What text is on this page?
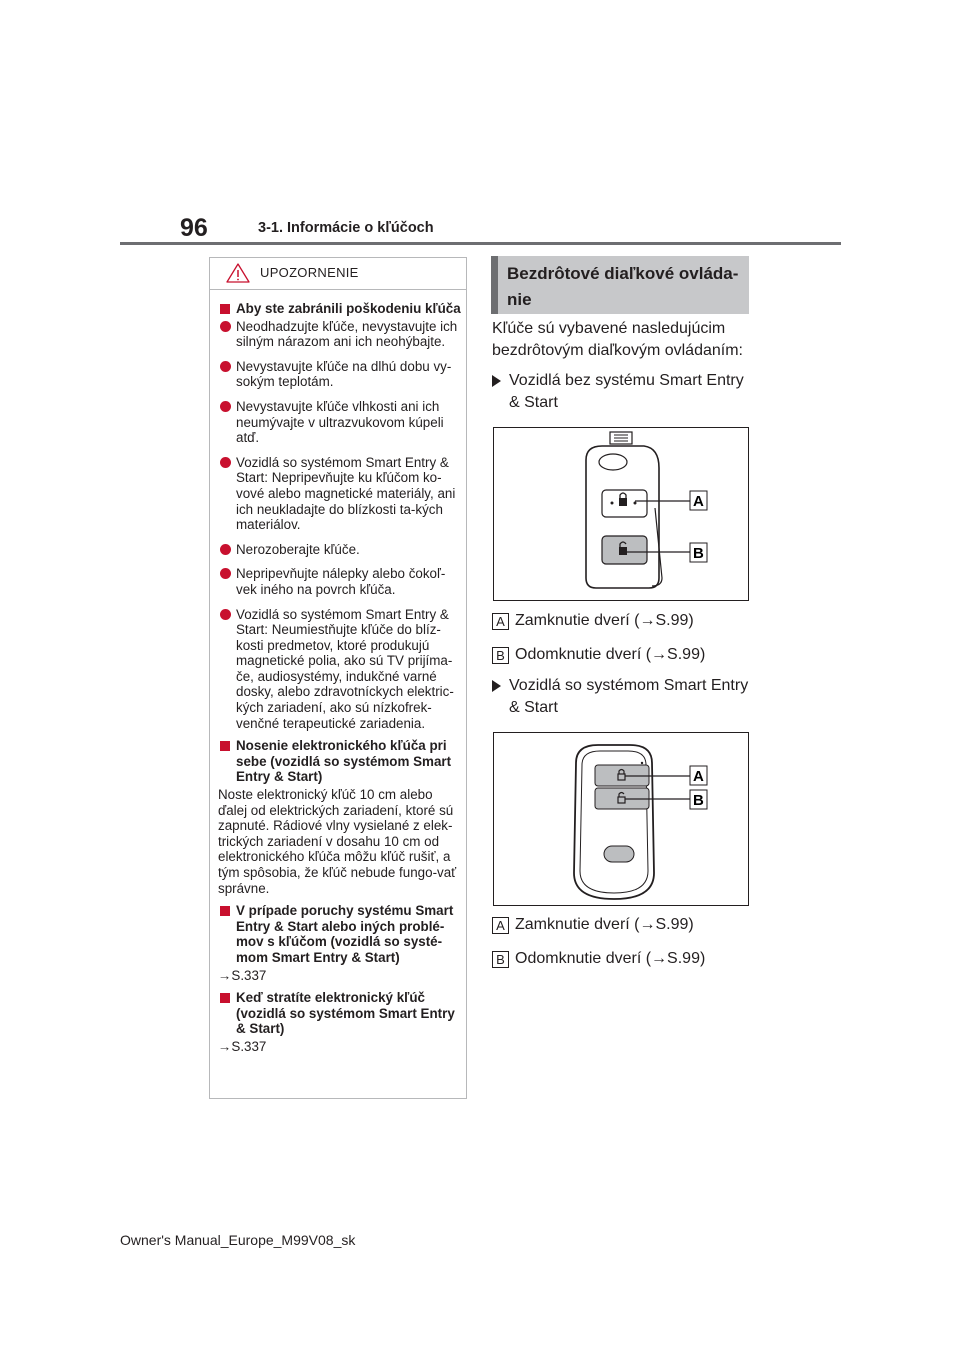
96	3-1. Informácie o kľúčoch
UPOZORNENIE
Aby ste zabránili poškodeniu kľúča
Neodhadzujte kľúče, nevystavujte ich silným nárazom ani ich neohýbajte.
Nevystavujte kľúče na dlhú dobu vy-sokým teplotám.
Nevystavujte kľúče vlhkosti ani ich neumývajte v ultrazvukovom kúpeli atď.
Vozidlá so systémom Smart Entry & Start: Nepripevňujte ku kľúčom ko-vové alebo magnetické materiály, ani ich neukladajte do blízkosti ta-kých materiálov.
Nerozoberajte kľúče.
Nepripevňujte nálepky alebo čokoľ-vek iného na povrch kľúča.
Vozidlá so systémom Smart Entry & Start: Neumiestňujte kľúče do blíz-kosti predmetov, ktoré produkujú magnetické polia, ako sú TV prijíma-če, audiosystémy, indukčné varné dosky, alebo zdravotníckych elektric-kých zariadení, ako sú nízkofrek-venčné terapeutické zariadenia.
Nosenie elektronického kľúča pri sebe (vozidlá so systémom Smart Entry & Start)
Noste elektronický kľúč 10 cm alebo ďalej od elektrických zariadení, ktoré sú zapnuté. Rádiové vlny vysielané z elek-trických zariadení v dosahu 10 cm od elektronického kľúča môžu kľúč rušiť, a tým spôsobia, že kľúč nebude fungo-vať správne.
V prípade poruchy systému Smart Entry & Start alebo iných problé-mov s kľúčom (vozidlá so systé-mom Smart Entry & Start)
→S.337
Keď stratíte elektronický kľúč (vozidlá so systémom Smart Entry & Start)
→S.337
Bezdrôtové diaľkové ovláda-nie
Kľúče sú vybavené nasledujúcim bezdrôtovým diaľkovým ovládaním:
Vozidlá bez systému Smart Entry & Start
A
B
A Zamknutie dverí (→S.99)
B Odomknutie dverí (→S.99)
Vozidlá so systémom Smart Entry & Start
A
B
A Zamknutie dverí (→S.99)
B Odomknutie dverí (→S.99)
Owner's Manual_Europe_M99V08_sk
